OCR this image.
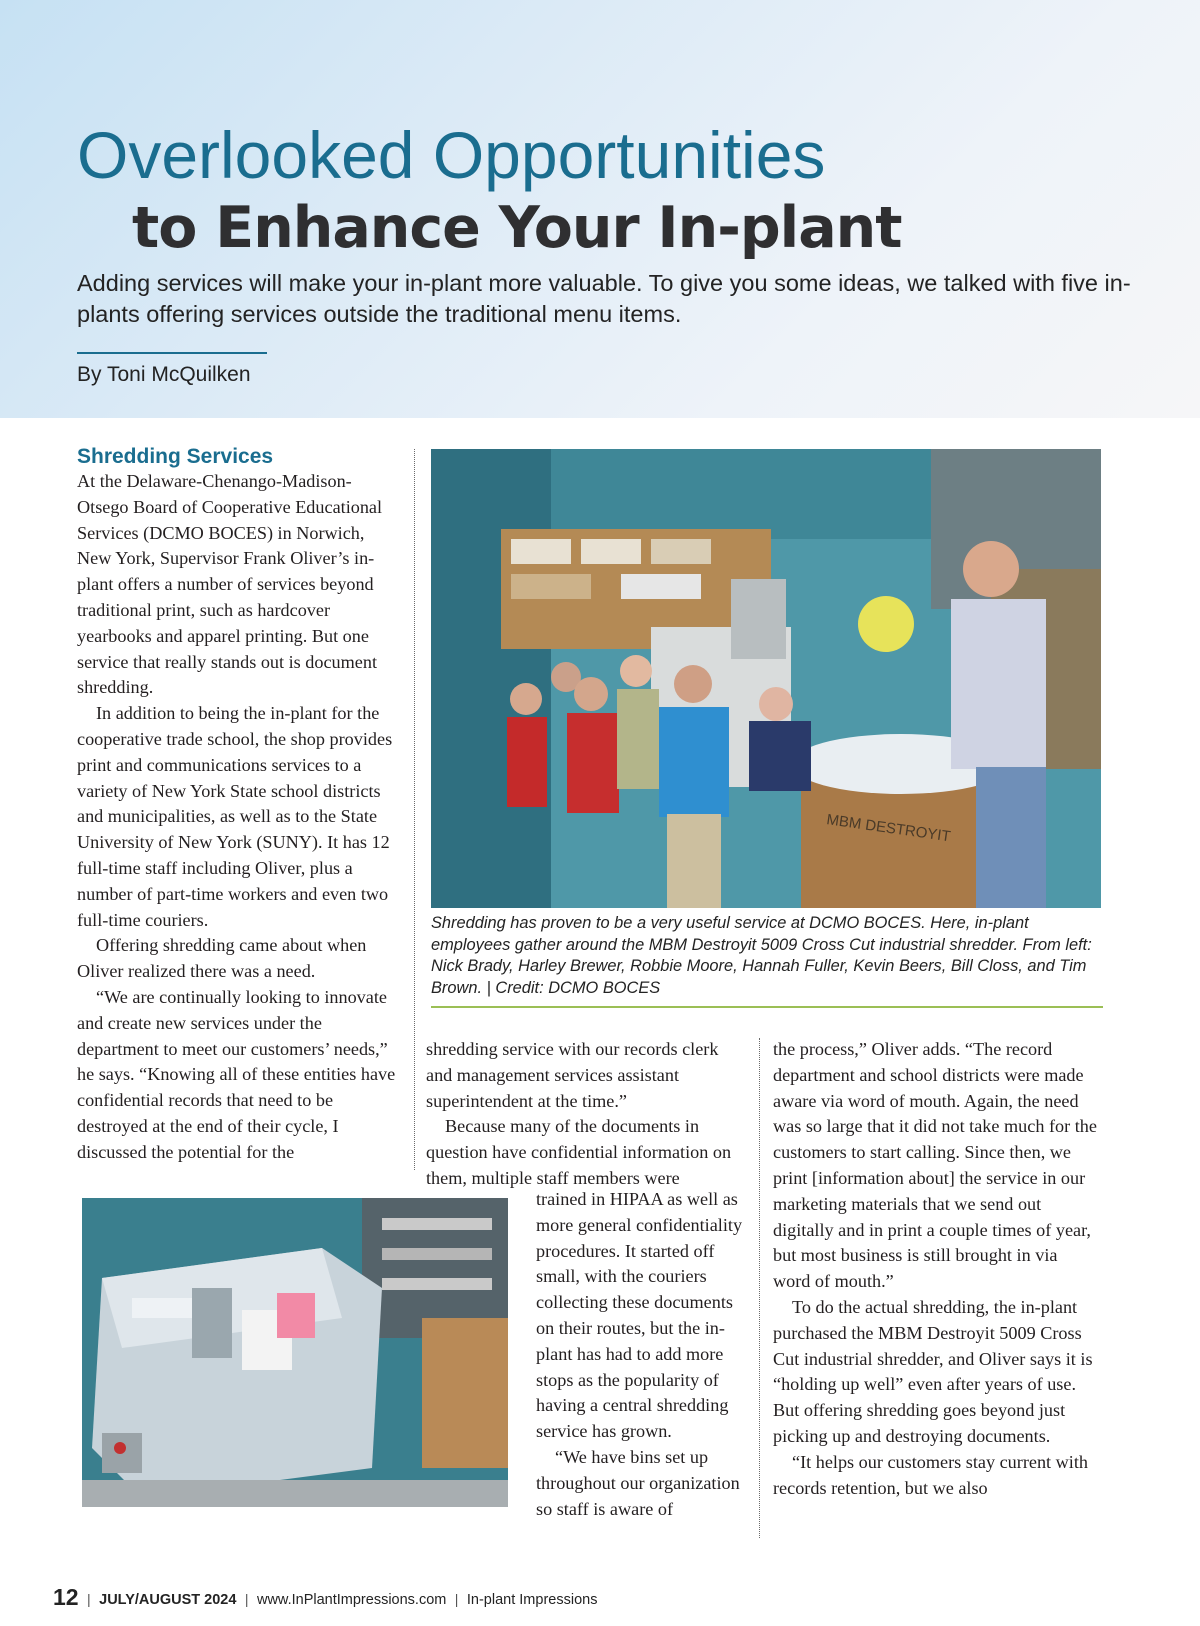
Overlooked Opportunities
to Enhance Your In-plant

Adding services will make your in-plant more valuable. To give you some ideas, we talked with five in-plants offering services outside the traditional menu items.

By Toni McQuilken

Shredding Services

At the Delaware-Chenango-Madison-Otsego Board of Cooperative Educational Services (DCMO BOCES) in Norwich, New York, Supervisor Frank Oliver’s in-plant offers a number of services beyond traditional print, such as hardcover yearbooks and apparel printing. But one service that really stands out is document shredding.

In addition to being the in-plant for the cooperative trade school, the shop provides print and communications services to a variety of New York State school districts and municipalities, as well as to the State University of New York (SUNY). It has 12 full-time staff including Oliver, plus a number of part-time workers and even two full-time couriers.

Offering shredding came about when Oliver realized there was a need.

“We are continually looking to innovate and create new services under the department to meet our customers’ needs,” he says. “Knowing all of these entities have confidential records that need to be destroyed at the end of their cycle, I discussed the potential for the

MBM DESTROYIT

Shredding has proven to be a very useful service at DCMO BOCES. Here, in-plant employees gather around the MBM Destroyit 5009 Cross Cut industrial shredder. From left: Nick Brady, Harley Brewer, Robbie Moore, Hannah Fuller, Kevin Beers, Bill Closs, and Tim Brown. | Credit: DCMO BOCES

shredding service with our records clerk and management services assistant superintendent at the time.”

Because many of the documents in question have confidential information on them, multiple staff members were

trained in HIPAA as well as more general confidentiality procedures. It started off small, with the couriers collecting these documents on their routes, but the in-plant has had to add more stops as the popularity of having a central shredding service has grown.

“We have bins set up throughout our organization so staff is aware of

the process,” Oliver adds. “The record department and school districts were made aware via word of mouth. Again, the need was so large that it did not take much for the customers to start calling. Since then, we print [information about] the service in our marketing materials that we send out digitally and in print a couple times of year, but most business is still brought in via word of mouth.”

To do the actual shredding, the in-plant purchased the MBM Destroyit 5009 Cross Cut industrial shredder, and Oliver says it is “holding up well” even after years of use. But offering shredding goes beyond just picking up and destroying documents.

“It helps our customers stay current with records retention, but we also

12 | JULY/AUGUST 2024 | www.InPlantImpressions.com | In-plant Impressions
